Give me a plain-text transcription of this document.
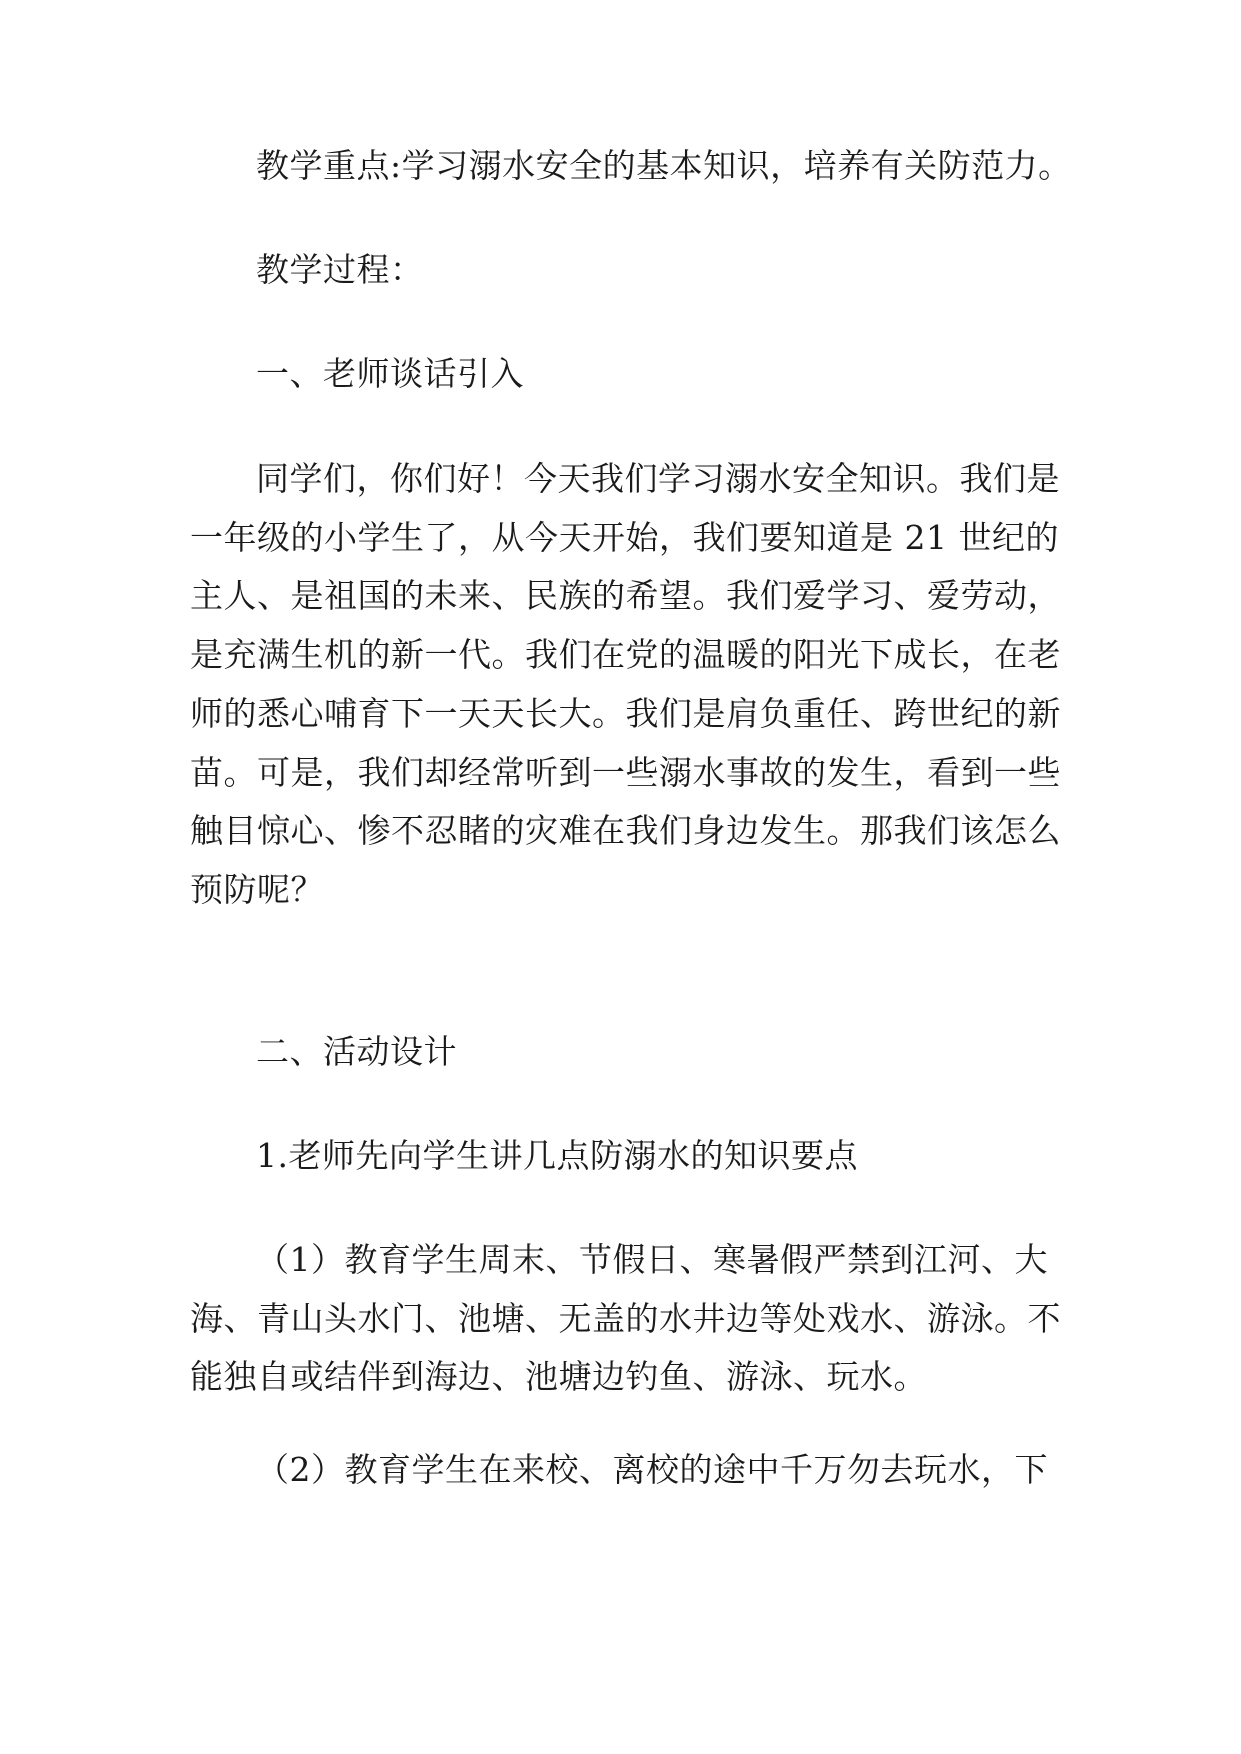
教学重点:学习溺水安全的基本知识，培养有关防范力。

教学过程：

一、老师谈话引入

同学们，你们好！今天我们学习溺水安全知识。我们是
一年级的小学生了，从今天开始，我们要知道是 21 世纪的
主人、是祖国的未来、民族的希望。我们爱学习、爱劳动，
是充满生机的新一代。我们在党的温暖的阳光下成长，在老
师的悉心哺育下一天天长大。我们是肩负重任、跨世纪的新
苗。可是，我们却经常听到一些溺水事故的发生，看到一些
触目惊心、惨不忍睹的灾难在我们身边发生。那我们该怎么
预防呢？

二、活动设计

1.老师先向学生讲几点防溺水的知识要点

（1）教育学生周末、节假日、寒暑假严禁到江河、大
海、青山头水门、池塘、无盖的水井边等处戏水、游泳。不
能独自或结伴到海边、池塘边钓鱼、游泳、玩水。

（2）教育学生在来校、离校的途中千万勿去玩水，下
